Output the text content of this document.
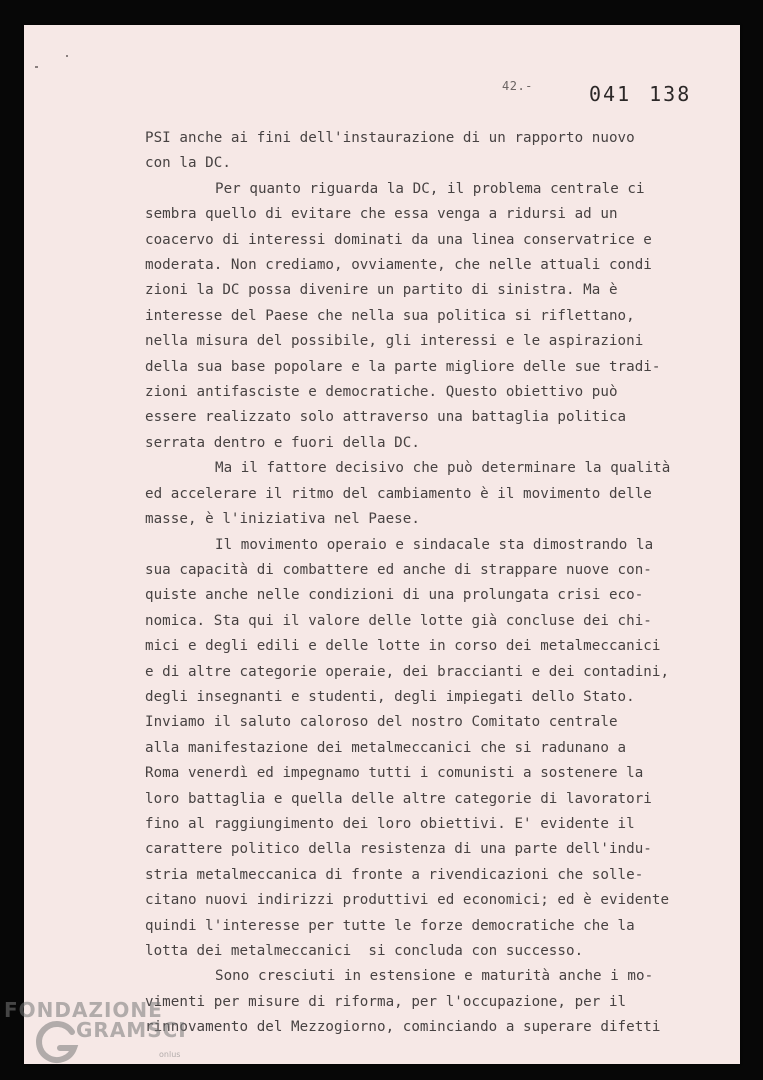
42.-	041 138

PSI anche ai fini dell'instaurazione di un rapporto nuovo

con la DC.

Per quanto riguarda la DC, il problema centrale ci

sembra quello di evitare che essa venga a ridursi ad un

coacervo di interessi dominati da una linea conservatrice e

moderata. Non crediamo, ovviamente, che nelle attuali condi

zioni la DC possa divenire un partito di sinistra. Ma è

interesse del Paese che nella sua politica si riflettano,

nella misura del possibile, gli interessi e le aspirazioni

della sua base popolare e la parte migliore delle sue tradi-

zioni antifasciste e democratiche. Questo obiettivo può

essere realizzato solo attraverso una battaglia politica

serrata dentro e fuori della DC.

Ma il fattore decisivo che può determinare la qualità

ed accelerare il ritmo del cambiamento è il movimento delle

masse, è l'iniziativa nel Paese.

Il movimento operaio e sindacale sta dimostrando la

sua capacità di combattere ed anche di strappare nuove con-

quiste anche nelle condizioni di una prolungata crisi eco-

nomica. Sta qui il valore delle lotte già concluse dei chi-

mici e degli edili e delle lotte in corso dei metalmeccanici

e di altre categorie operaie, dei braccianti e dei contadini,

degli insegnanti e studenti, degli impiegati dello Stato.

Inviamo il saluto caloroso del nostro Comitato centrale

alla manifestazione dei metalmeccanici che si radunano a

Roma venerdì ed impegnamo tutti i comunisti a sostenere la

loro battaglia e quella delle altre categorie di lavoratori

fino al raggiungimento dei loro obiettivi. E' evidente il

carattere politico della resistenza di una parte dell'indu-

stria metalmeccanica di fronte a rivendicazioni che solle-

citano nuovi indirizzi produttivi ed economici; ed è evidente

quindi l'interesse per tutte le forze democratiche che la

lotta dei metalmeccanici  si concluda con successo.

Sono cresciuti in estensione e maturità anche i mo-

vimenti per misure di riforma, per l'occupazione, per il

rinnovamento del Mezzogiorno, cominciando a superare difetti

FONDAZIONE
GRAMSCI
onlus
